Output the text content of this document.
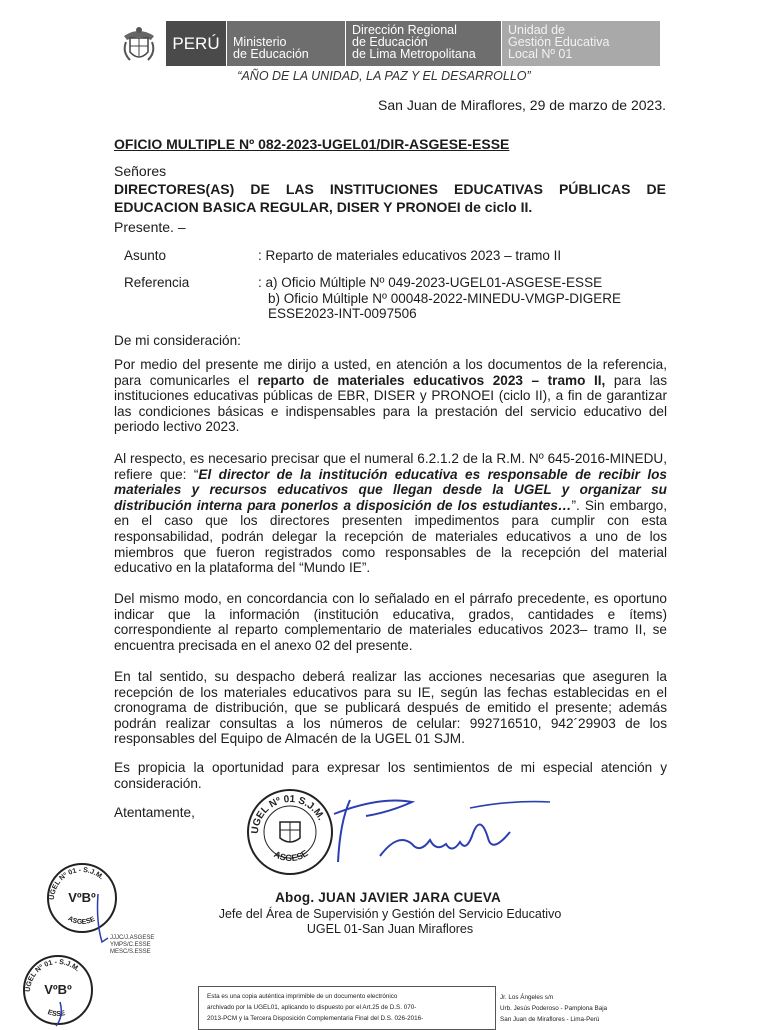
PERÚ	Ministerio
de Educación
Dirección Regional
de Educación
de Lima Metropolitana
Unidad de
Gestión Educativa
Local Nº 01
“AÑO DE LA UNIDAD, LA PAZ Y EL DESARROLLO”
San Juan de Miraflores, 29 de marzo de 2023.
OFICIO MULTIPLE Nº 082-2023-UGEL01/DIR-ASGESE-ESSE
Señores
DIRECTORES(AS) DE LAS INSTITUCIONES EDUCATIVAS PÚBLICAS DE
EDUCACION BASICA REGULAR, DISER Y PRONOEI de ciclo II.
Presente. –
Asunto	: Reparto de materiales educativos 2023 – tramo II
Referencia	: a) Oficio Múltiple Nº 049-2023-UGEL01-ASGESE-ESSE
b) Oficio Múltiple Nº 00048-2022-MINEDU-VMGP-DIGERE
ESSE2023-INT-0097506
De mi consideración:

Por medio del presente me dirijo a usted, en atención a los documentos de la referencia, para comunicarles el reparto de materiales educativos 2023 – tramo II, para las instituciones educativas públicas de EBR, DISER y PRONOEI (ciclo II), a fin de garantizar las condiciones básicas e indispensables para la prestación del servicio educativo del periodo lectivo 2023.

Al respecto, es necesario precisar que el numeral 6.2.1.2 de la R.M. Nº 645-2016-MINEDU, refiere que: “El director de la institución educativa es responsable de recibir los materiales y recursos educativos que llegan desde la UGEL y organizar su distribución interna para ponerlos a disposición de los estudiantes…”. Sin embargo, en el caso que los directores presenten impedimentos para cumplir con esta responsabilidad, podrán delegar la recepción de materiales educativos a uno de los miembros que fueron registrados como responsables de la recepción del material educativo en la plataforma del “Mundo IE”.

Del mismo modo, en concordancia con lo señalado en el párrafo precedente, es oportuno indicar que la información (institución educativa, grados, cantidades e ítems) correspondiente al reparto complementario de materiales educativos 2023– tramo II, se encuentra precisada en el anexo 02 del presente.

En tal sentido, su despacho deberá realizar las acciones necesarias que aseguren la recepción de los materiales educativos para su IE, según las fechas establecidas en el cronograma de distribución, que se publicará después de emitido el presente; además podrán realizar consultas a los números de celular: 992716510, 942´29903 de los responsables del Equipo de Almacén de la UGEL 01 SJM.

Es propicia la oportunidad para expresar los sentimientos de mi especial atención y consideración.

Atentamente,
UGEL Nº 01 S.J.M.
ASGESE
Abog. JUAN JAVIER JARA CUEVA
Jefe del Área de Supervisión y Gestión del Servicio Educativo
UGEL 01-San Juan Miraflores
UGEL Nº 01 - S.J.M.
VºBº
ASGESE
JJJC/J.ASGESE
YMPS/C.ESSE
MESC/S.ESSE
UGEL Nº 01 - S.J.M.
VºBº
ESSE
Esta es una copia auténtica imprimible de un documento electrónico
archivado por la UGEL01, aplicando lo dispuesto por el Art.25 de D.S. 070-
2013-PCM y la Tercera Disposición Complementaria Final del D.S. 026-2016-
Jr. Los Ángeles s/n
Urb. Jesús Poderoso - Pamplona Baja
San Juan de Miraflores - Lima-Perú
